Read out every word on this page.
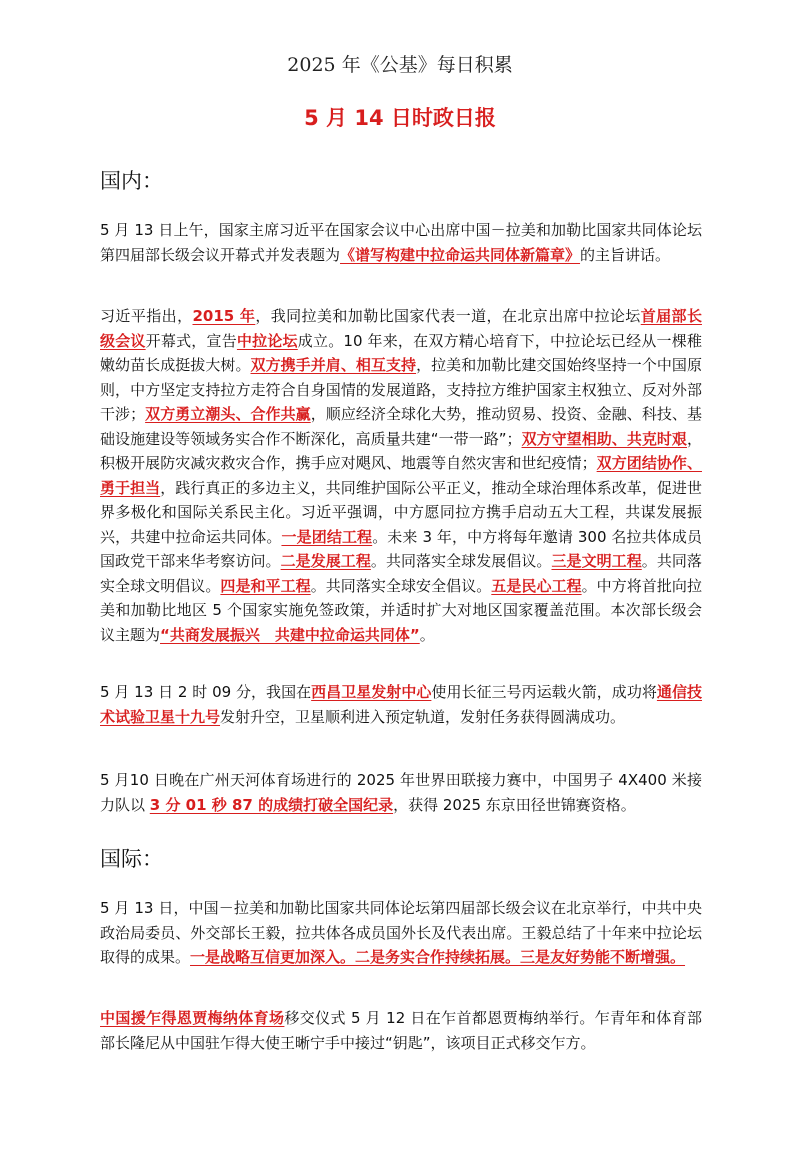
2025 年《公基》每日积累
5 月 14 日时政日报
国内：
5 月 13 日上午，国家主席习近平在国家会议中心出席中国－拉美和加勒比国家共同体论坛第四届部长级会议开幕式并发表题为《谱写构建中拉命运共同体新篇章》的主旨讲话。
习近平指出，2015 年，我同拉美和加勒比国家代表一道，在北京出席中拉论坛首届部长级会议开幕式，宣告中拉论坛成立。10 年来，在双方精心培育下，中拉论坛已经从一棵稚嫩幼苗长成挺拔大树。双方携手并肩、相互支持，拉美和加勒比建交国始终坚持一个中国原则，中方坚定支持拉方走符合自身国情的发展道路，支持拉方维护国家主权独立、反对外部干涉；双方勇立潮头、合作共赢，顺应经济全球化大势，推动贸易、投资、金融、科技、基础设施建设等领域务实合作不断深化，高质量共建“一带一路”；双方守望相助、共克时艰，积极开展防灾减灾救灾合作，携手应对飓风、地震等自然灾害和世纪疫情；双方团结协作、勇于担当，践行真正的多边主义，共同维护国际公平正义，推动全球治理体系改革，促进世界多极化和国际关系民主化。习近平强调，中方愿同拉方携手启动五大工程，共谋发展振兴，共建中拉命运共同体。一是团结工程。未来 3 年，中方将每年邀请 300 名拉共体成员国政党干部来华考察访问。二是发展工程。共同落实全球发展倡议。三是文明工程。共同落实全球文明倡议。四是和平工程。共同落实全球安全倡议。五是民心工程。中方将首批向拉美和加勒比地区 5 个国家实施免签政策，并适时扩大对地区国家覆盖范围。本次部长级会议主题为“共商发展振兴　共建中拉命运共同体”。
5 月 13 日 2 时 09 分，我国在西昌卫星发射中心使用长征三号丙运载火箭，成功将通信技术试验卫星十九号发射升空，卫星顺利进入预定轨道，发射任务获得圆满成功。
5 月10 日晚在广州天河体育场进行的 2025 年世界田联接力赛中，中国男子 4X400 米接力队以 3 分 01 秒 87 的成绩打破全国纪录，获得 2025 东京田径世锦赛资格。
国际：
5 月 13 日，中国－拉美和加勒比国家共同体论坛第四届部长级会议在北京举行，中共中央政治局委员、外交部长王毅，拉共体各成员国外长及代表出席。王毅总结了十年来中拉论坛取得的成果。一是战略互信更加深入。二是务实合作持续拓展。三是友好势能不断增强。
中国援乍得恩贾梅纳体育场移交仪式 5 月 12 日在乍首都恩贾梅纳举行。乍青年和体育部部长隆尼从中国驻乍得大使王晰宁手中接过“钥匙”，该项目正式移交乍方。
